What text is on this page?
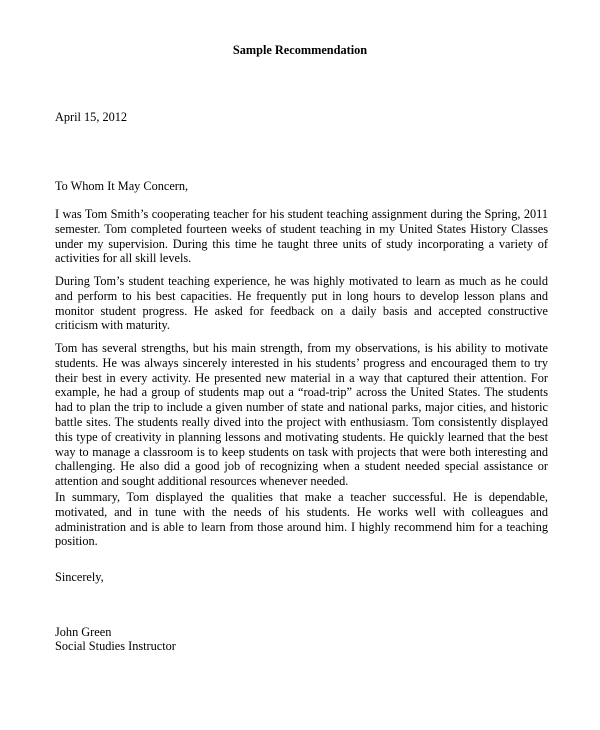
Sample Recommendation
April 15, 2012
To Whom It May Concern,

I was Tom Smith’s cooperating teacher for his student teaching assignment during the Spring, 2011 semester. Tom completed fourteen weeks of student teaching in my United States History Classes under my supervision. During this time he taught three units of study incorporating a variety of activities for all skill levels.

During Tom’s student teaching experience, he was highly motivated to learn as much as he could and perform to his best capacities. He frequently put in long hours to develop lesson plans and monitor student progress. He asked for feedback on a daily basis and accepted constructive criticism with maturity.

Tom has several strengths, but his main strength, from my observations, is his ability to motivate students. He was always sincerely interested in his students’ progress and encouraged them to try their best in every activity. He presented new material in a way that captured their attention. For example, he had a group of students map out a “road-trip” across the United States. The students had to plan the trip to include a given number of state and national parks, major cities, and historic battle sites. The students really dived into the project with enthusiasm. Tom consistently displayed this type of creativity in planning lessons and motivating students. He quickly learned that the best way to manage a classroom is to keep students on task with projects that were both interesting and challenging. He also did a good job of recognizing when a student needed special assistance or attention and sought additional resources whenever needed.

In summary, Tom displayed the qualities that make a teacher successful. He is dependable, motivated, and in tune with the needs of his students. He works well with colleagues and administration and is able to learn from those around him. I highly recommend him for a teaching position.

Sincerely,
John Green
Social Studies Instructor
